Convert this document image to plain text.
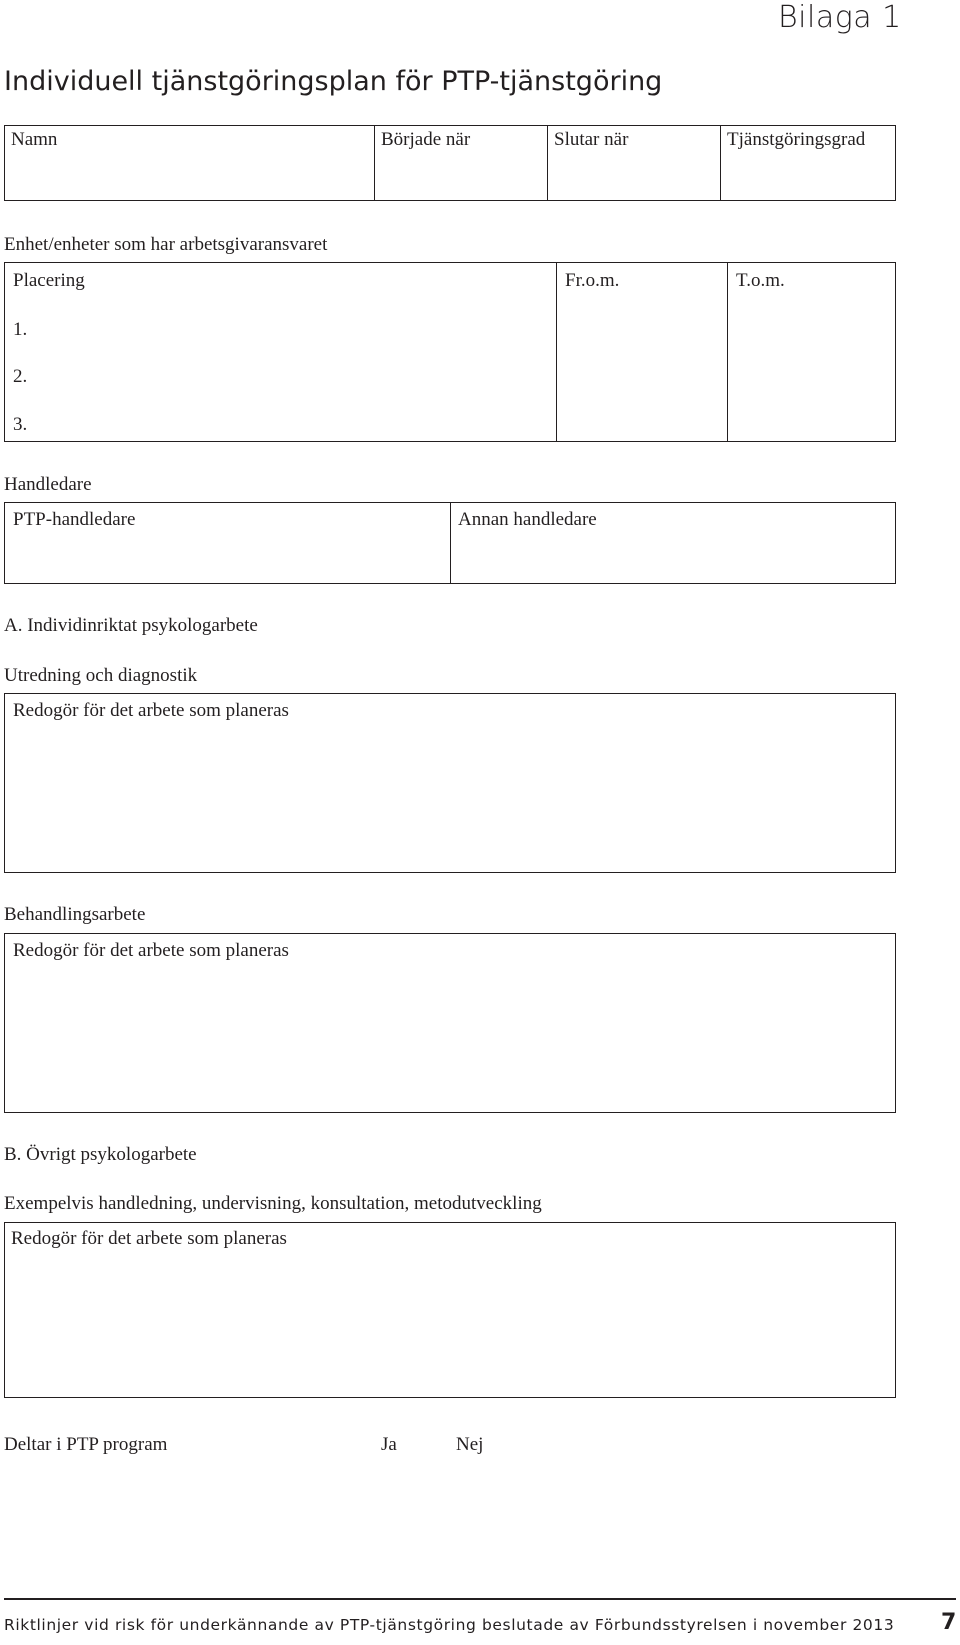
Bilaga 1
Individuell tjänstgöringsplan för PTP-tjänstgöring
Namn	Började när	Slutar när	Tjänstgöringsgrad
Enhet/enheter som har arbetsgivaransvaret
Placering	Fr.o.m.	T.o.m.
1.
2.
3.
Handledare
PTP-handledare	Annan handledare
A. Individinriktat psykologarbete
Utredning och diagnostik
Redogör för det arbete som planeras
Behandlingsarbete
Redogör för det arbete som planeras
B. Övrigt psykologarbete
Exempelvis handledning, undervisning, konsultation, metodutveckling
Redogör för det arbete som planeras
Deltar i PTP program	Ja	Nej
Riktlinjer vid risk för underkännande av PTP-tjänstgöring beslutade av Förbundsstyrelsen i november 2013 7
